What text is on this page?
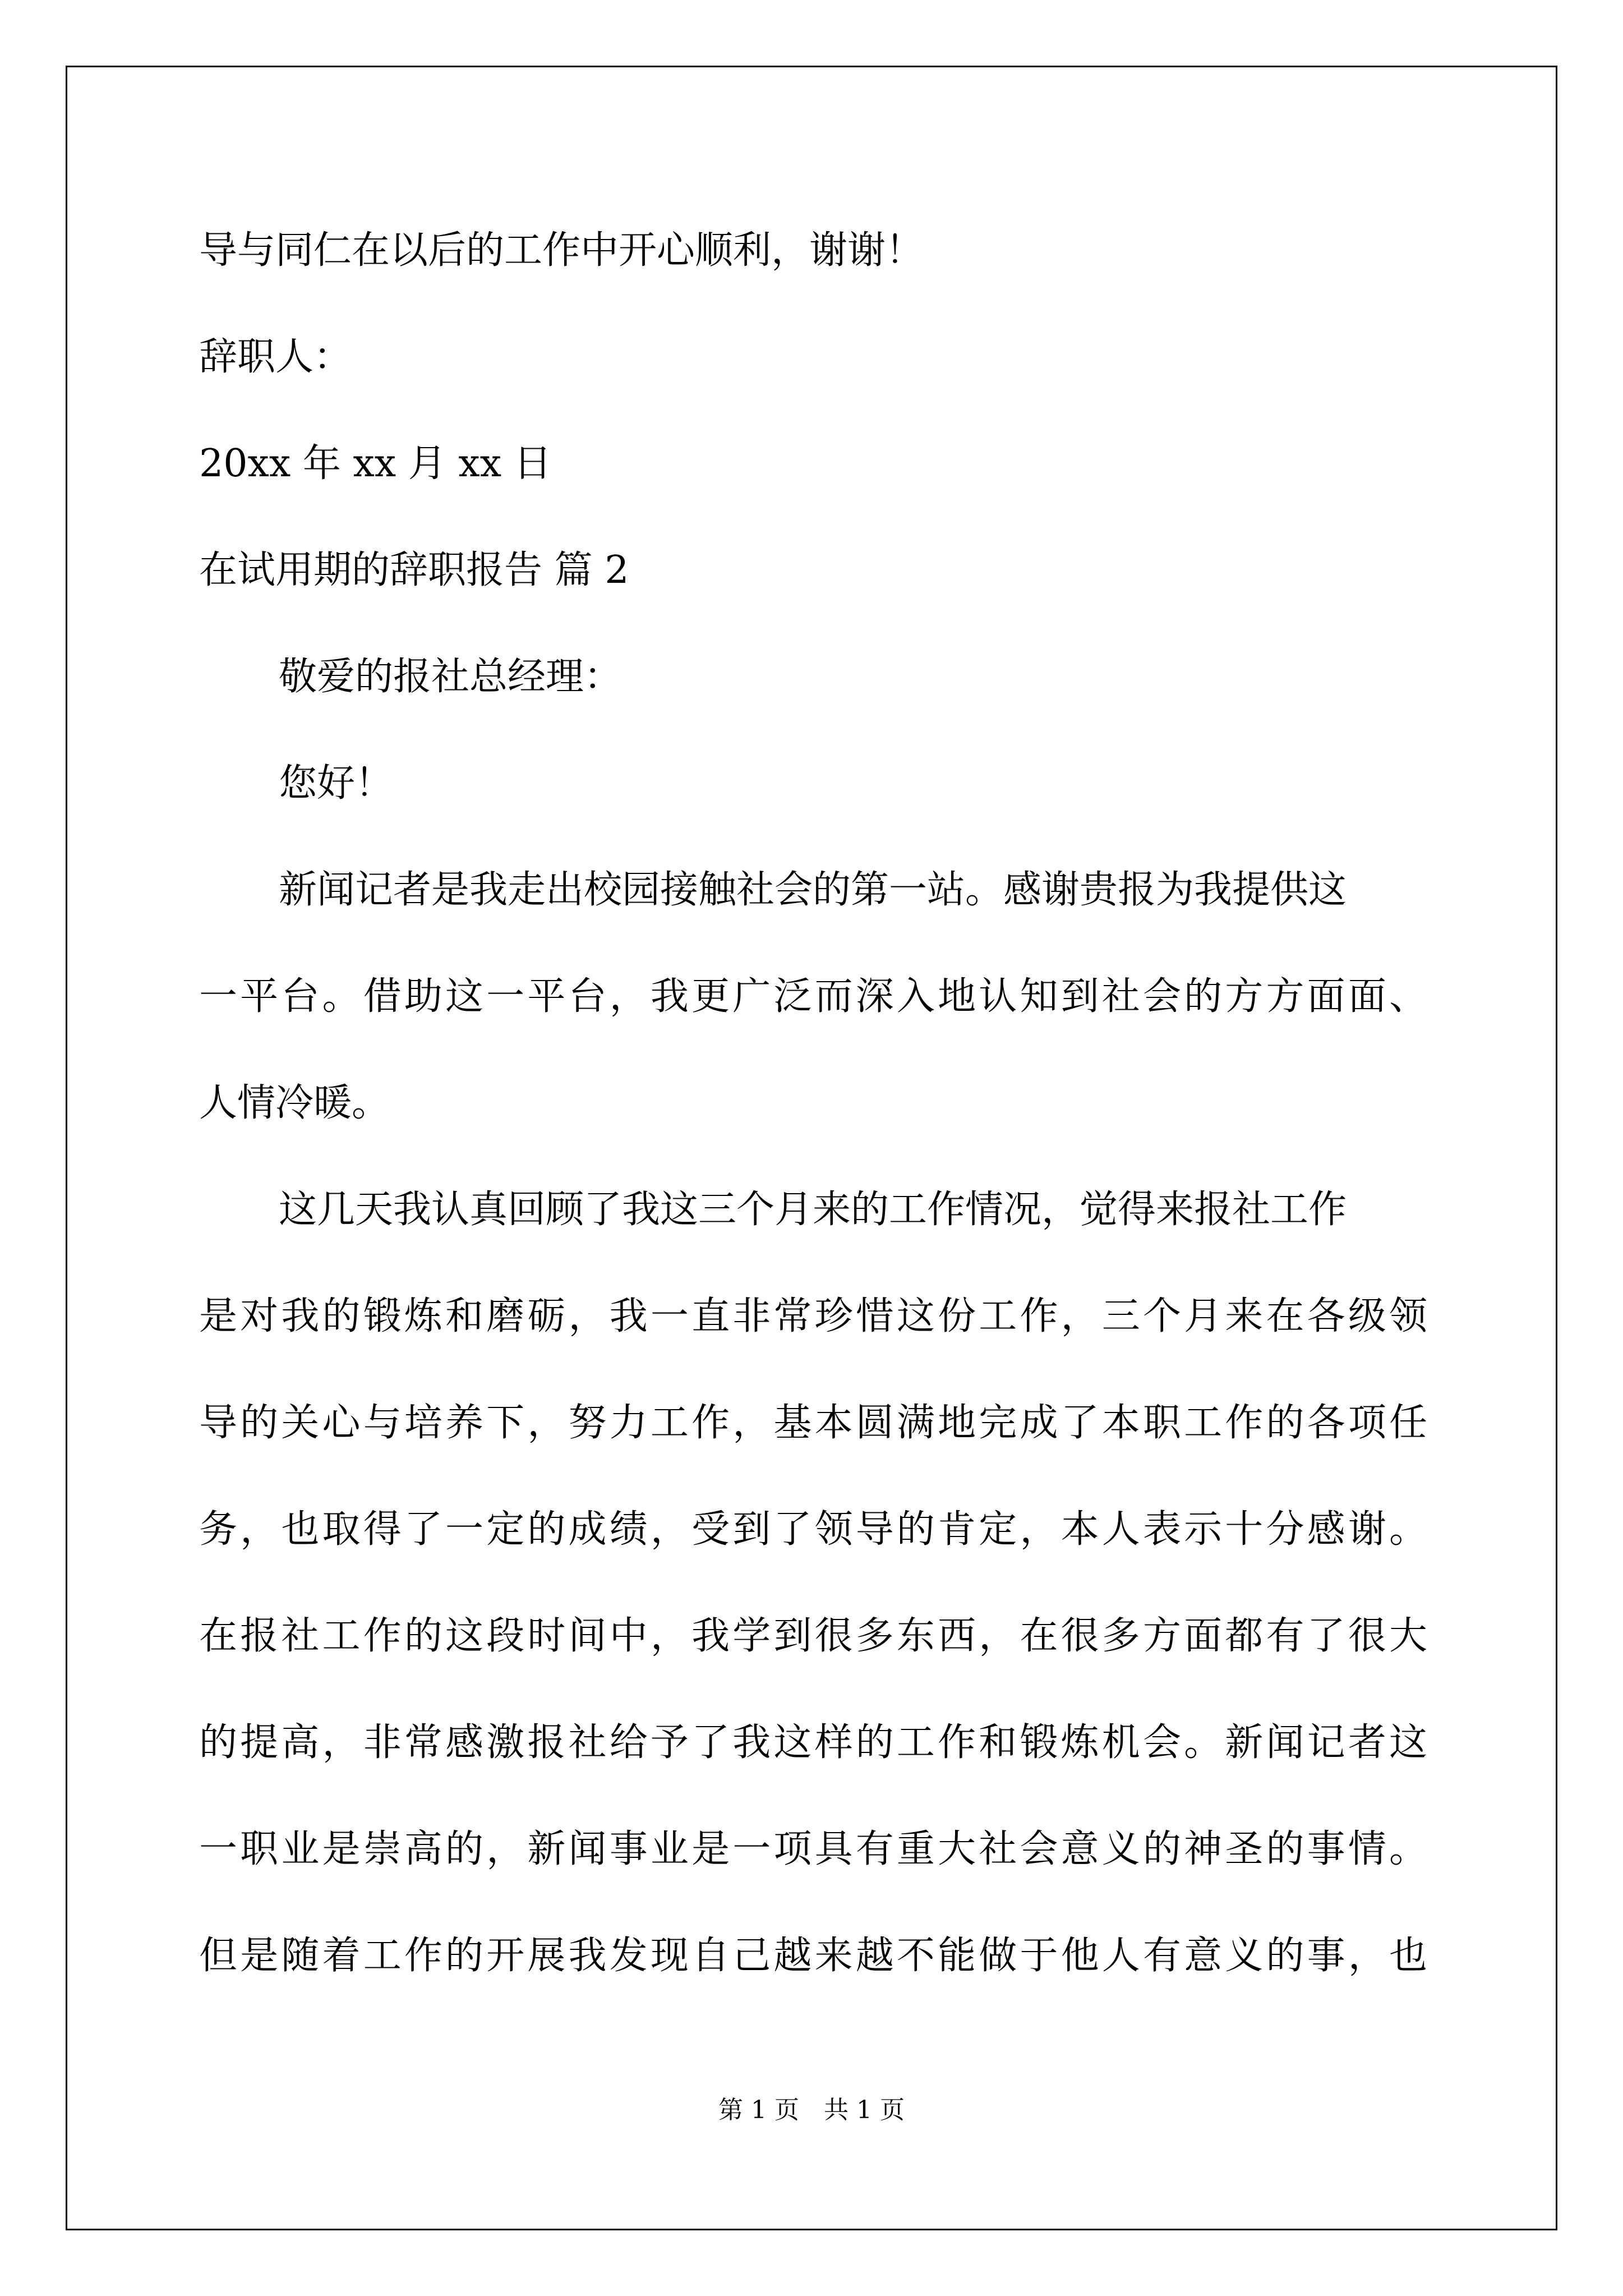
导与同仁在以后的工作中开心顺利，谢谢！
辞职人：
20xx 年 xx 月 xx 日
在试用期的辞职报告 篇 2
敬爱的报社总经理：
您好！
新闻记者是我走出校园接触社会的第一站。感谢贵报为我提供这
一平台。借助这一平台，我更广泛而深入地认知到社会的方方面面、
人情冷暖。
这几天我认真回顾了我这三个月来的工作情况，觉得来报社工作
是对我的锻炼和磨砺，我一直非常珍惜这份工作，三个月来在各级领
导的关心与培养下，努力工作，基本圆满地完成了本职工作的各项任
务，也取得了一定的成绩，受到了领导的肯定，本人表示十分感谢。
在报社工作的这段时间中，我学到很多东西，在很多方面都有了很大
的提高，非常感激报社给予了我这样的工作和锻炼机会。新闻记者这
一职业是崇高的，新闻事业是一项具有重大社会意义的神圣的事情。
但是随着工作的开展我发现自己越来越不能做于他人有意义的事，也
第 1 页　共 1 页
